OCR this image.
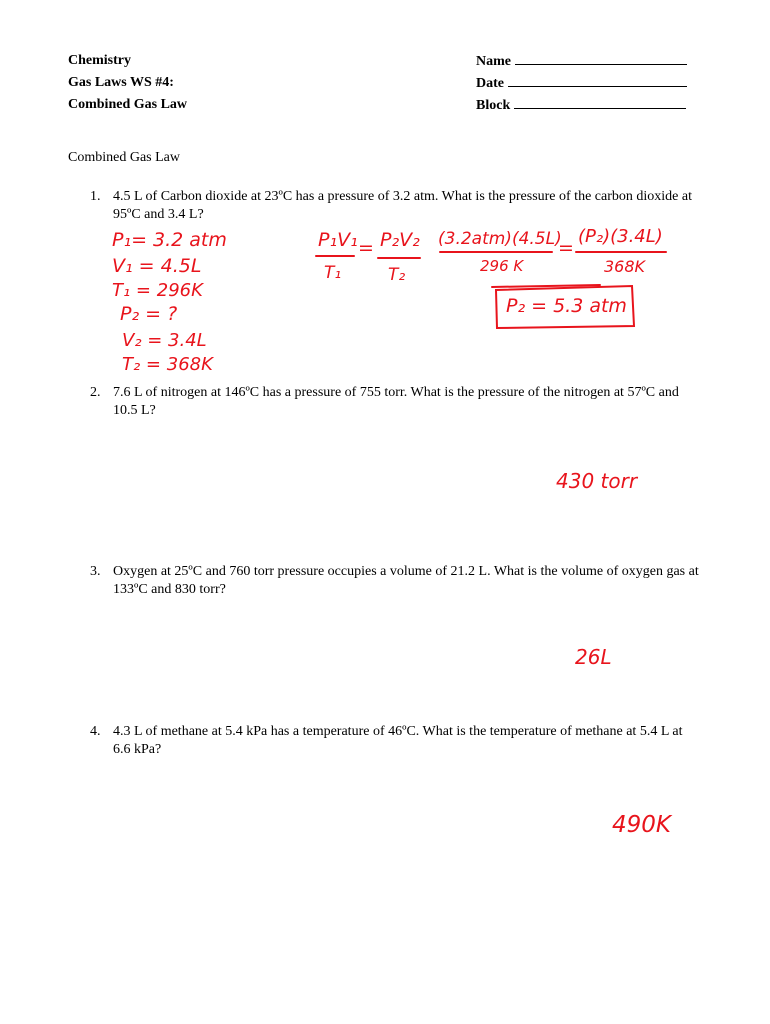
Chemistry
Gas Laws WS #4:
Combined Gas Law
Name
Date
Block
Combined Gas Law
1. 4.5 L of Carbon dioxide at 23ºC has a pressure of 3.2 atm. What is the pressure of the carbon dioxide at 95ºC and 3.4 L?
2. 7.6 L of nitrogen at 146ºC has a pressure of 755 torr. What is the pressure of the nitrogen at 57ºC and 10.5 L?
3. Oxygen at 25ºC and 760 torr pressure occupies a volume of 21.2 L. What is the volume of oxygen gas at 133ºC and 830 torr?
4. 4.3 L of methane at 5.4 kPa has a temperature of 46ºC. What is the temperature of methane at 5.4 L at 6.6 kPa?
P₁= 3.2 atm
V₁ = 4.5L
T₁ = 296K
P₂ = ?
V₂ = 3.4L
T₂ = 368K
P₁V₁ = P₂V₂
T₁	T₂
(3.2atm)(4.5L)
=
(P₂)(3.4L)
296 K	368K
P₂ = 5.3 atm
430 torr
26L
490K
